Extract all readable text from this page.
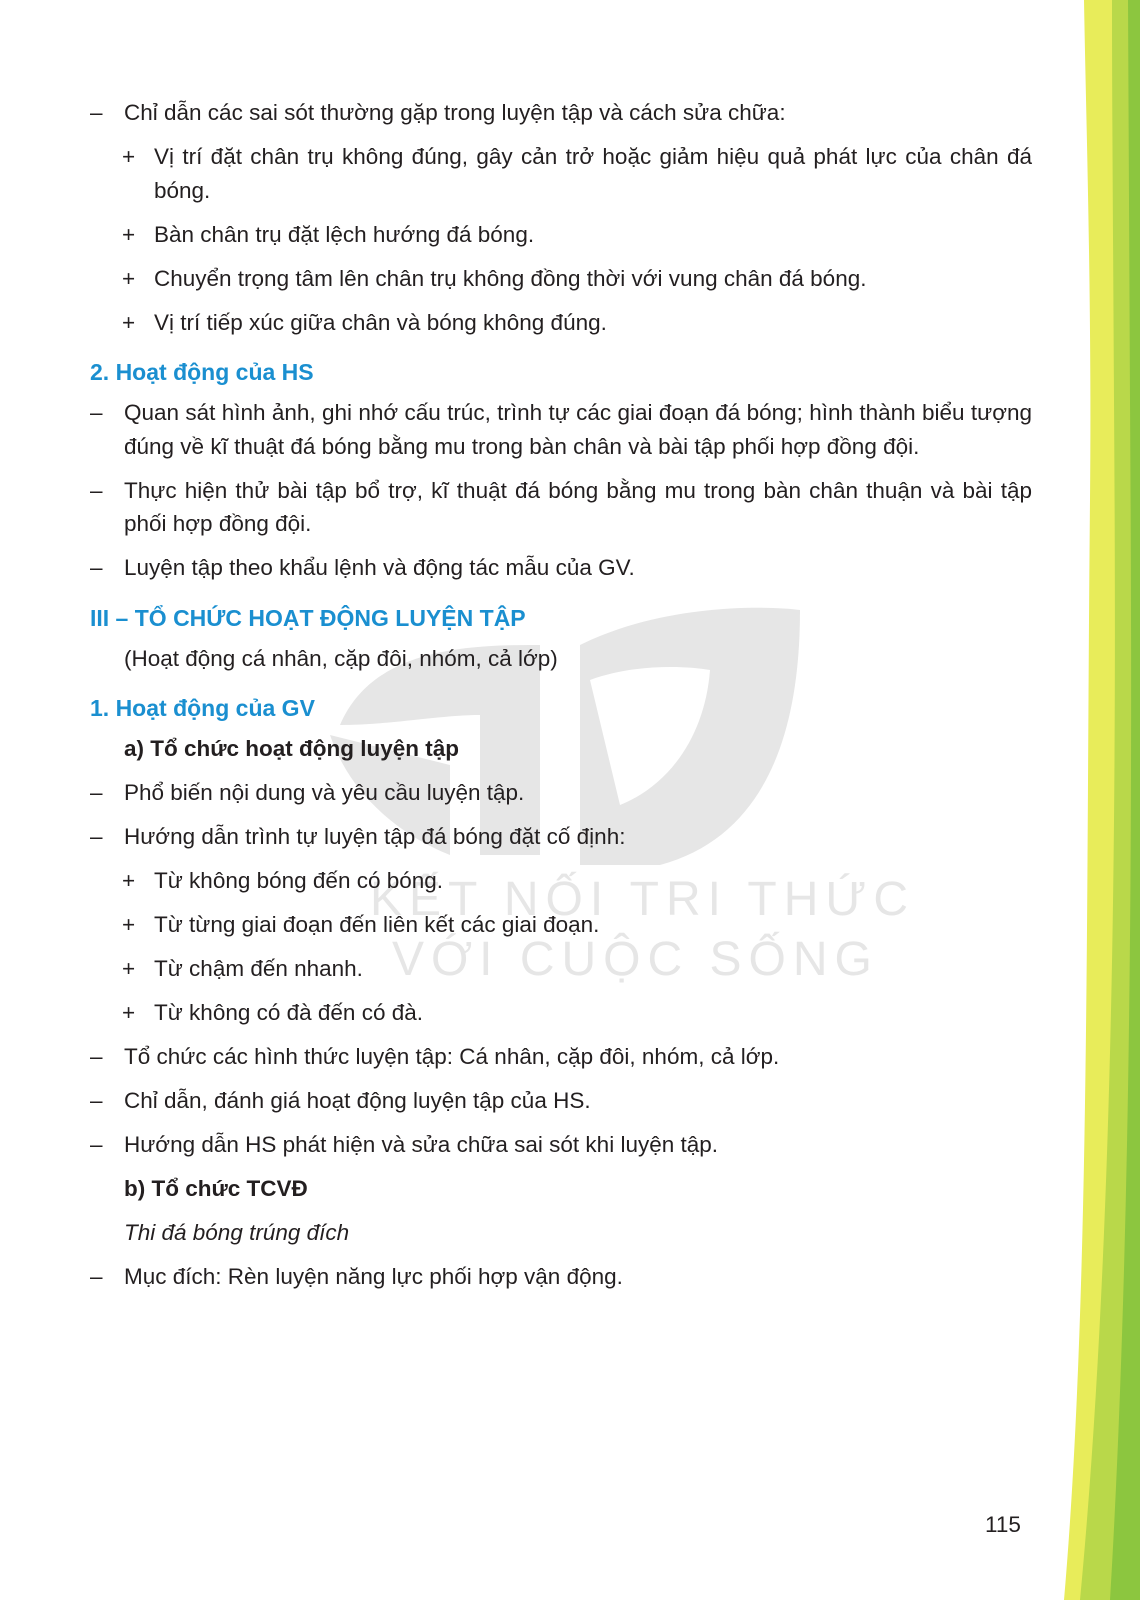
KẾT NỐI TRI THỨC
VỚI CUỘC SỐNG

– Chỉ dẫn các sai sót thường gặp trong luyện tập và cách sửa chữa:

+ Vị trí đặt chân trụ không đúng, gây cản trở hoặc giảm hiệu quả phát lực của chân đá bóng.

+ Bàn chân trụ đặt lệch hướng đá bóng.

+ Chuyển trọng tâm lên chân trụ không đồng thời với vung chân đá bóng.

+ Vị trí tiếp xúc giữa chân và bóng không đúng.

2. Hoạt động của HS

– Quan sát hình ảnh, ghi nhớ cấu trúc, trình tự các giai đoạn đá bóng; hình thành biểu tượng đúng về kĩ thuật đá bóng bằng mu trong bàn chân và bài tập phối hợp đồng đội.

– Thực hiện thử bài tập bổ trợ, kĩ thuật đá bóng bằng mu trong bàn chân thuận và bài tập phối hợp đồng đội.

– Luyện tập theo khẩu lệnh và động tác mẫu của GV.

III – TỔ CHỨC HOẠT ĐỘNG LUYỆN TẬP

(Hoạt động cá nhân, cặp đôi, nhóm, cả lớp)

1. Hoạt động của GV

a) Tổ chức hoạt động luyện tập

– Phổ biến nội dung và yêu cầu luyện tập.

– Hướng dẫn trình tự luyện tập đá bóng đặt cố định:

+ Từ không bóng đến có bóng.

+ Từ từng giai đoạn đến liên kết các giai đoạn.

+ Từ chậm đến nhanh.

+ Từ không có đà đến có đà.

– Tổ chức các hình thức luyện tập: Cá nhân, cặp đôi, nhóm, cả lớp.

– Chỉ dẫn, đánh giá hoạt động luyện tập của HS.

– Hướng dẫn HS phát hiện và sửa chữa sai sót khi luyện tập.

b) Tổ chức TCVĐ

Thi đá bóng trúng đích

– Mục đích: Rèn luyện năng lực phối hợp vận động.

115
